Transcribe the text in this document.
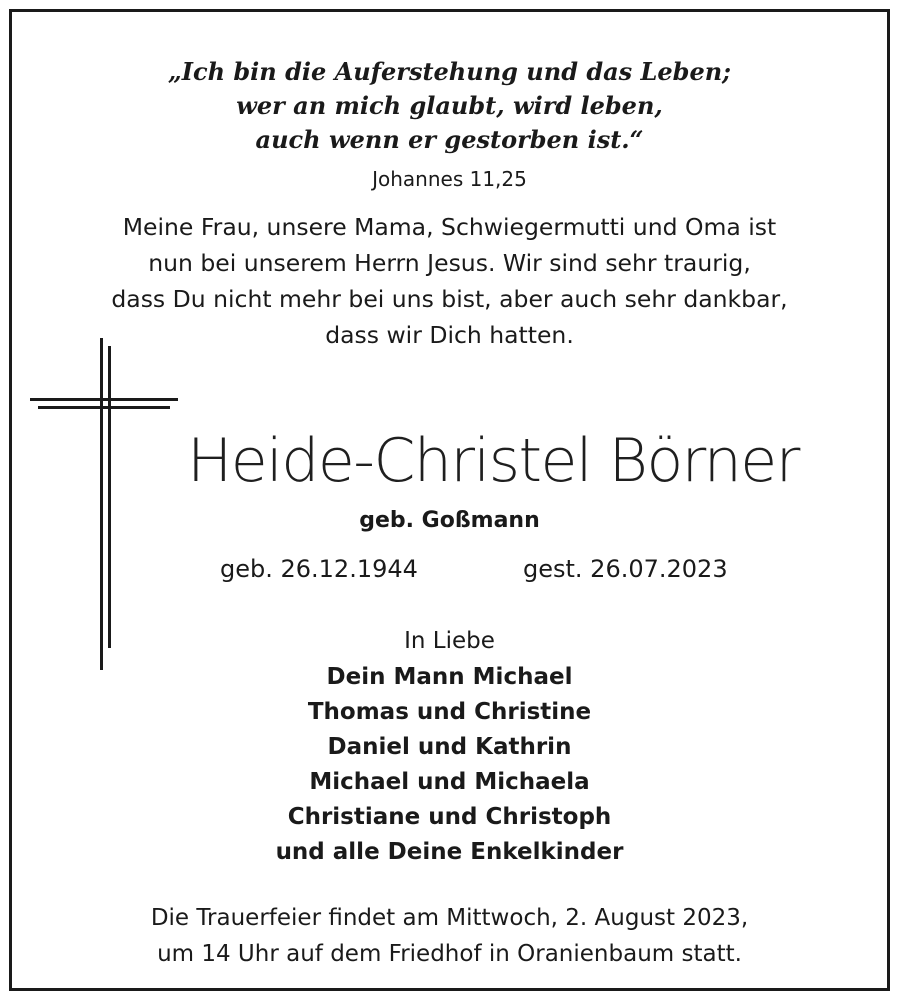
„Ich bin die Auferstehung und das Leben;
wer an mich glaubt, wird leben,
auch wenn er gestorben ist.“
Johannes 11,25
Meine Frau, unsere Mama, Schwiegermutti und Oma ist
nun bei unserem Herrn Jesus. Wir sind sehr traurig,
dass Du nicht mehr bei uns bist, aber auch sehr dankbar,
dass wir Dich hatten.
Heide-Christel Börner
geb. Goßmann
geb. 26.12.1944	gest. 26.07.2023
In Liebe
Dein Mann Michael
Thomas und Christine
Daniel und Kathrin
Michael und Michaela
Christiane und Christoph
und alle Deine Enkelkinder
Die Trauerfeier findet am Mittwoch, 2. August 2023,
um 14 Uhr auf dem Friedhof in Oranienbaum statt.
